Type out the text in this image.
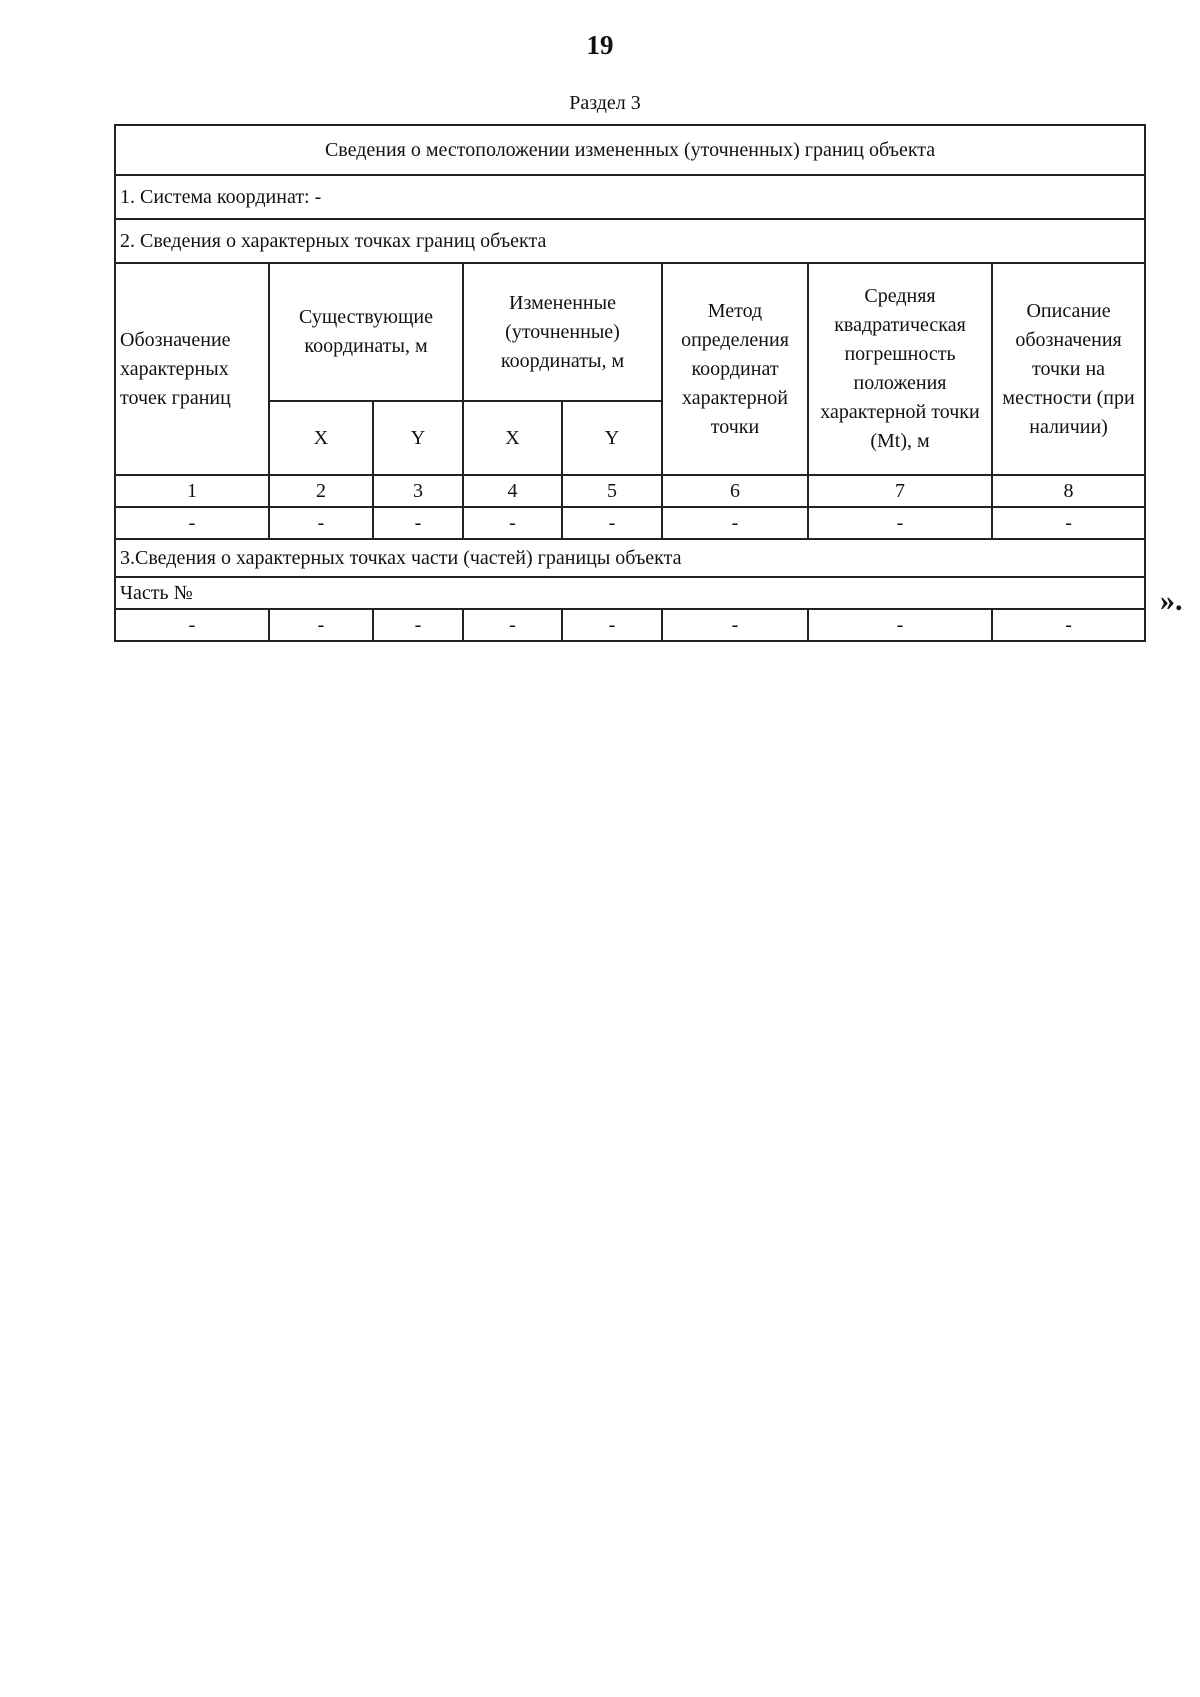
19
Раздел 3
Сведения о местоположении измененных (уточненных) границ объекта							
1. Система координат: -							
2. Сведения о характерных точках границ объекта							
Обозначение характерных точек границ	Существующие координаты, м		Измененные (уточненные) координаты, м		Метод определения координат характерной точки	Средняя квадратическая погрешность положения характерной точки (Mt), м	Описание обозначения точки на местности (при наличии)
	X	Y	X	Y			
1	2	3	4	5	6	7	8
-	-	-	-	-	-	-	-
3.Сведения о характерных точках части (частей) границы объекта							
Часть №							
-	-	-	-	-	-	-	-
».
